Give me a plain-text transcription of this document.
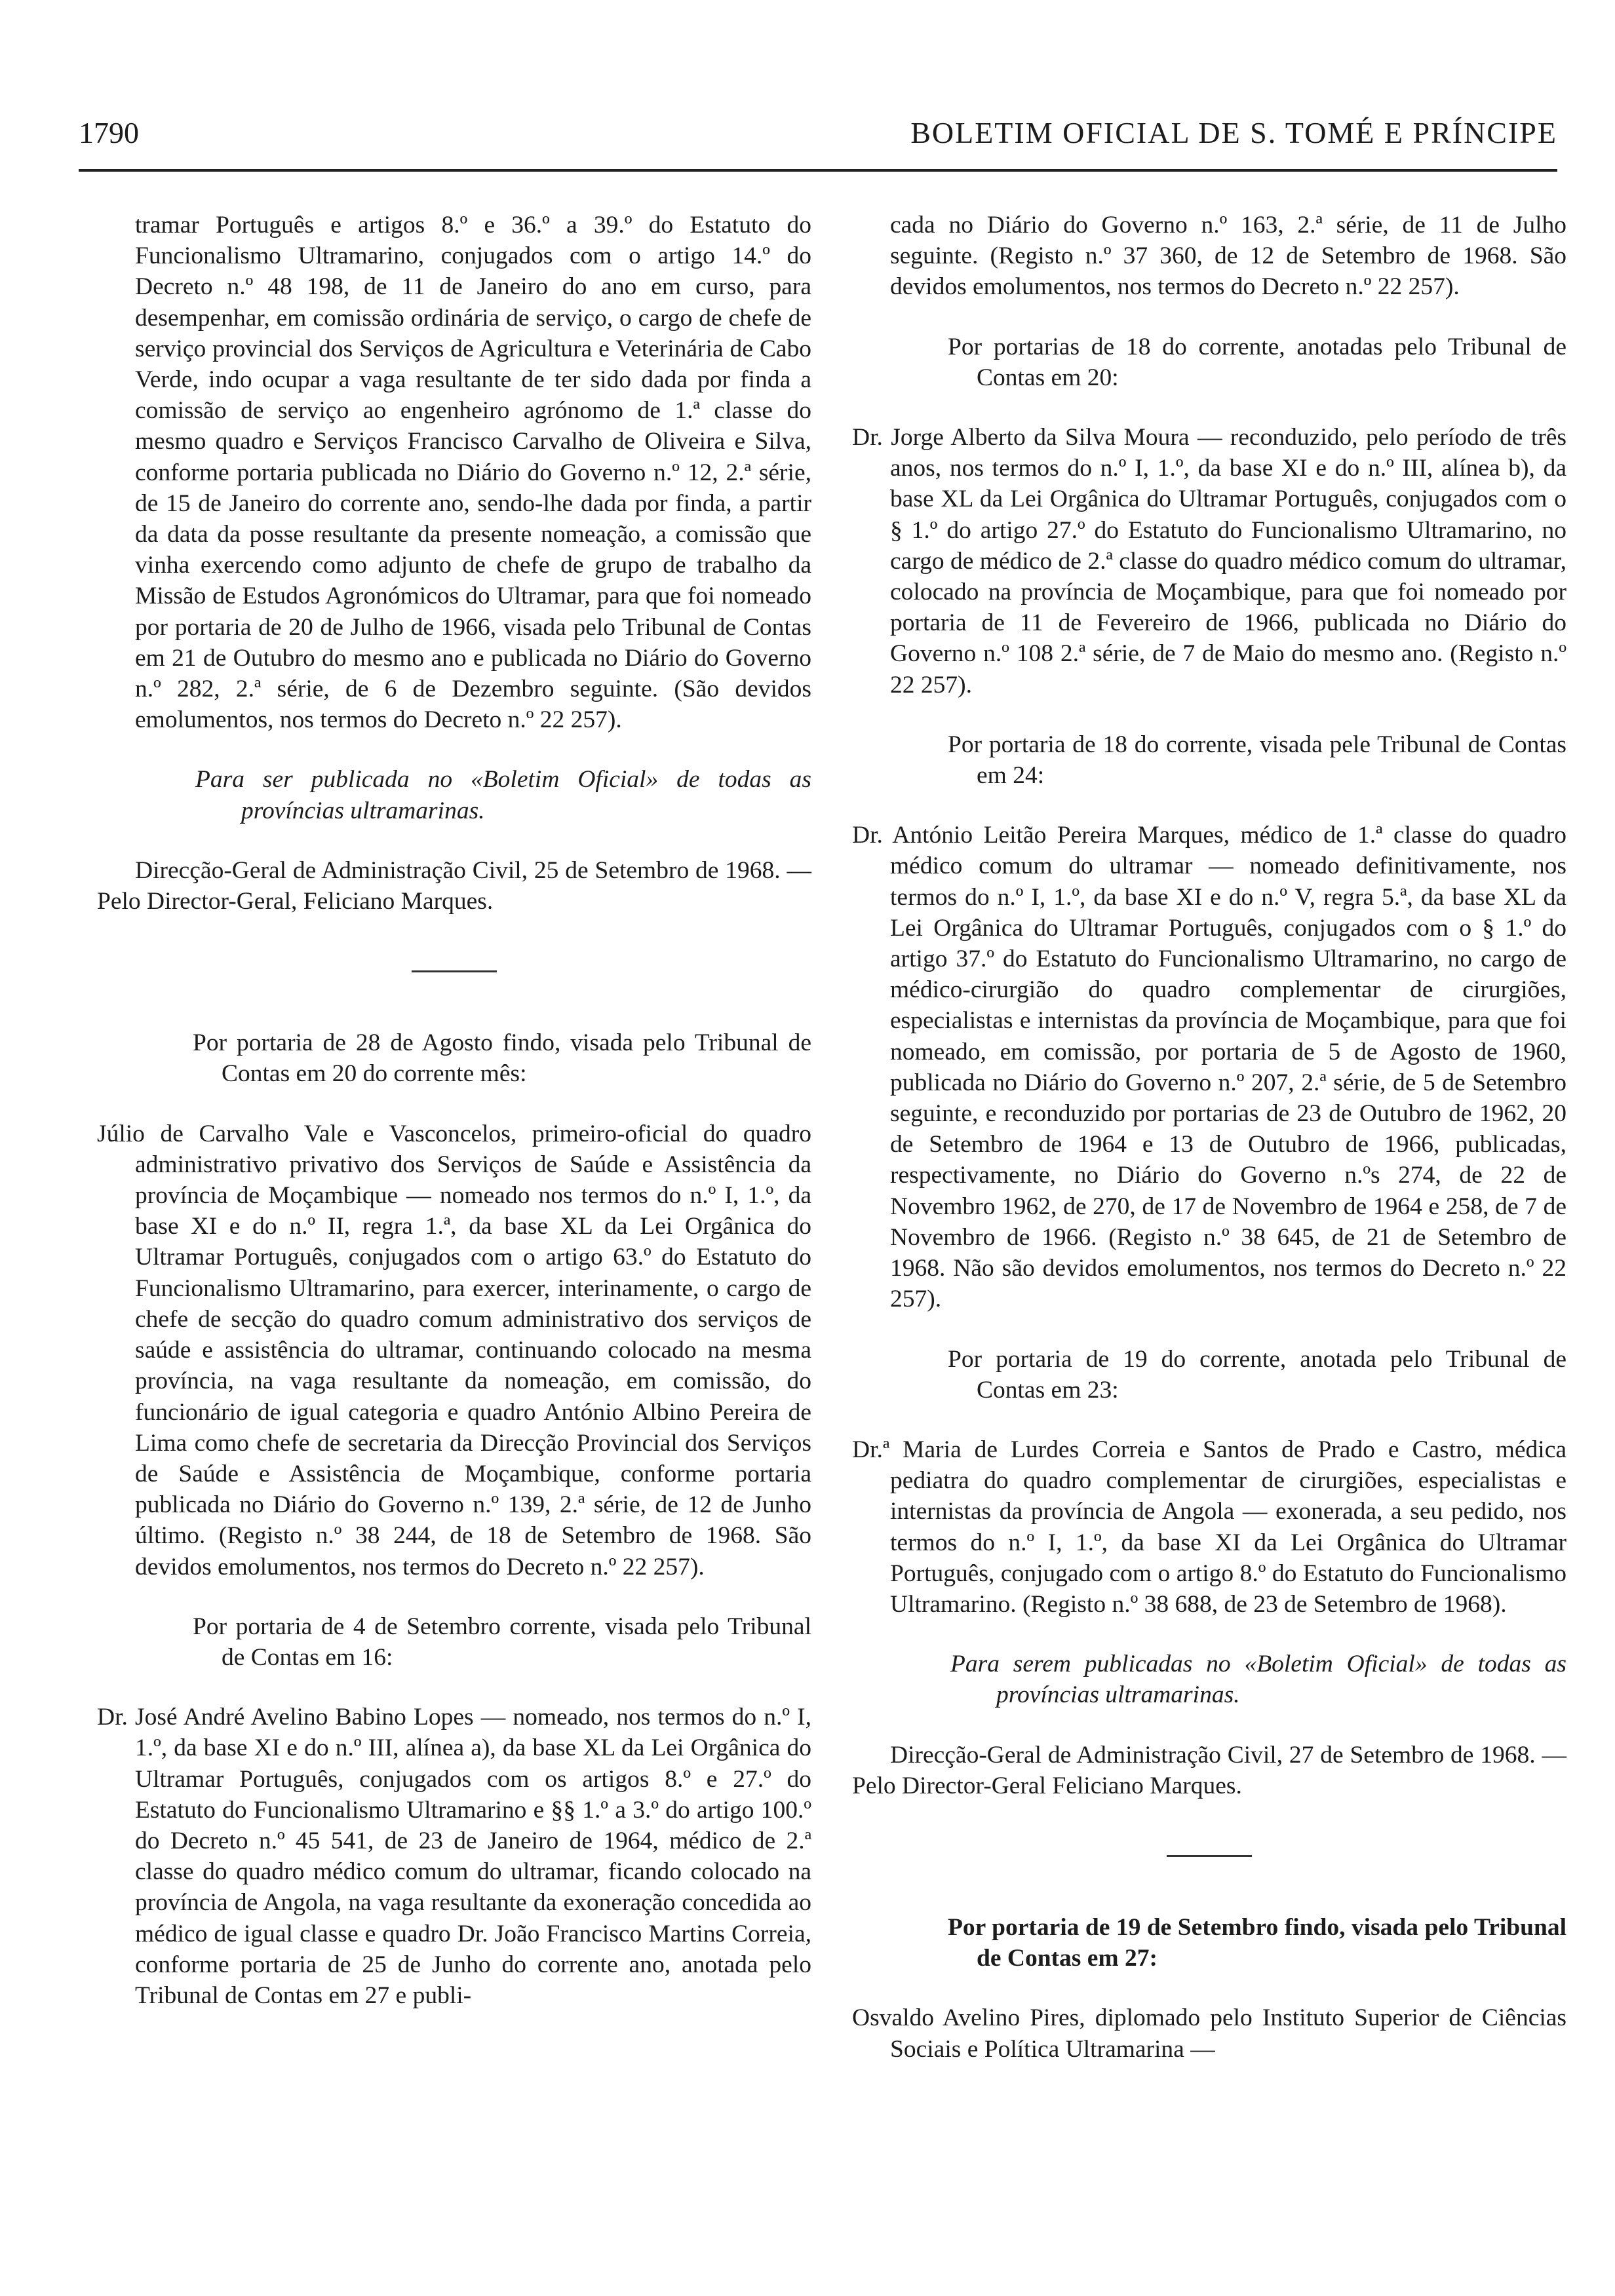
1790	BOLETIM OFICIAL DE S. TOMÉ E PRÍNCIPE

tramar Português e artigos 8.º e 36.º a 39.º do Estatuto do Funcionalismo Ultramarino, conjugados com o artigo 14.º do Decreto n.º 48 198, de 11 de Janeiro do ano em curso, para desempenhar, em comissão ordinária de serviço, o cargo de chefe de serviço provincial dos Serviços de Agricultura e Veterinária de Cabo Verde, indo ocupar a vaga resultante de ter sido dada por finda a comissão de serviço ao engenheiro agrónomo de 1.ª classe do mesmo quadro e Serviços Francisco Carvalho de Oliveira e Silva, conforme portaria publicada no Diário do Governo n.º 12, 2.ª série, de 15 de Janeiro do corrente ano, sendo-lhe dada por finda, a partir da data da posse resultante da presente nomeação, a comissão que vinha exercendo como adjunto de chefe de grupo de trabalho da Missão de Estudos Agronómicos do Ultramar, para que foi nomeado por portaria de 20 de Julho de 1966, visada pelo Tribunal de Contas em 21 de Outubro do mesmo ano e publicada no Diário do Governo n.º 282, 2.ª série, de 6 de Dezembro seguinte. (São devidos emolumentos, nos termos do Decreto n.º 22 257).

Para ser publicada no «Boletim Oficial» de todas as províncias ultramarinas.

Direcção-Geral de Administração Civil, 25 de Setembro de 1968. — Pelo Director-Geral, Feliciano Marques.

Por portaria de 28 de Agosto findo, visada pelo Tribunal de Contas em 20 do corrente mês:

Júlio de Carvalho Vale e Vasconcelos, primeiro-oficial do quadro administrativo privativo dos Serviços de Saúde e Assistência da província de Moçambique — nomeado nos termos do n.º I, 1.º, da base XI e do n.º II, regra 1.ª, da base XL da Lei Orgânica do Ultramar Português, conjugados com o artigo 63.º do Estatuto do Funcionalismo Ultramarino, para exercer, interinamente, o cargo de chefe de secção do quadro comum administrativo dos serviços de saúde e assistência do ultramar, continuando colocado na mesma província, na vaga resultante da nomeação, em comissão, do funcionário de igual categoria e quadro António Albino Pereira de Lima como chefe de secretaria da Direcção Provincial dos Serviços de Saúde e Assistência de Moçambique, conforme portaria publicada no Diário do Governo n.º 139, 2.ª série, de 12 de Junho último. (Registo n.º 38 244, de 18 de Setembro de 1968. São devidos emolumentos, nos termos do Decreto n.º 22 257).

Por portaria de 4 de Setembro corrente, visada pelo Tribunal de Contas em 16:

Dr. José André Avelino Babino Lopes — nomeado, nos termos do n.º I, 1.º, da base XI e do n.º III, alínea a), da base XL da Lei Orgânica do Ultramar Português, conjugados com os artigos 8.º e 27.º do Estatuto do Funcionalismo Ultramarino e §§ 1.º a 3.º do artigo 100.º do Decreto n.º 45 541, de 23 de Janeiro de 1964, médico de 2.ª classe do quadro médico comum do ultramar, ficando colocado na província de Angola, na vaga resultante da exoneração concedida ao médico de igual classe e quadro Dr. João Francisco Martins Correia, conforme portaria de 25 de Junho do corrente ano, anotada pelo Tribunal de Contas em 27 e publi-

cada no Diário do Governo n.º 163, 2.ª série, de 11 de Julho seguinte. (Registo n.º 37 360, de 12 de Setembro de 1968. São devidos emolumentos, nos termos do Decreto n.º 22 257).

Por portarias de 18 do corrente, anotadas pelo Tribunal de Contas em 20:

Dr. Jorge Alberto da Silva Moura — reconduzido, pelo período de três anos, nos termos do n.º I, 1.º, da base XI e do n.º III, alínea b), da base XL da Lei Orgânica do Ultramar Português, conjugados com o § 1.º do artigo 27.º do Estatuto do Funcionalismo Ultramarino, no cargo de médico de 2.ª classe do quadro médico comum do ultramar, colocado na província de Moçambique, para que foi nomeado por portaria de 11 de Fevereiro de 1966, publicada no Diário do Governo n.º 108 2.ª série, de 7 de Maio do mesmo ano. (Registo n.º 22 257).

Por portaria de 18 do corrente, visada pele Tribunal de Contas em 24:

Dr. António Leitão Pereira Marques, médico de 1.ª classe do quadro médico comum do ultramar — nomeado definitivamente, nos termos do n.º I, 1.º, da base XI e do n.º V, regra 5.ª, da base XL da Lei Orgânica do Ultramar Português, conjugados com o § 1.º do artigo 37.º do Estatuto do Funcionalismo Ultramarino, no cargo de médico-cirurgião do quadro complementar de cirurgiões, especialistas e internistas da província de Moçambique, para que foi nomeado, em comissão, por portaria de 5 de Agosto de 1960, publicada no Diário do Governo n.º 207, 2.ª série, de 5 de Setembro seguinte, e reconduzido por portarias de 23 de Outubro de 1962, 20 de Setembro de 1964 e 13 de Outubro de 1966, publicadas, respectivamente, no Diário do Governo n.ºs 274, de 22 de Novembro 1962, de 270, de 17 de Novembro de 1964 e 258, de 7 de Novembro de 1966. (Registo n.º 38 645, de 21 de Setembro de 1968. Não são devidos emolumentos, nos termos do Decreto n.º 22 257).

Por portaria de 19 do corrente, anotada pelo Tribunal de Contas em 23:

Dr.ª Maria de Lurdes Correia e Santos de Prado e Castro, médica pediatra do quadro complementar de cirurgiões, especialistas e internistas da província de Angola — exonerada, a seu pedido, nos termos do n.º I, 1.º, da base XI da Lei Orgânica do Ultramar Português, conjugado com o artigo 8.º do Estatuto do Funcionalismo Ultramarino. (Registo n.º 38 688, de 23 de Setembro de 1968).

Para serem publicadas no «Boletim Oficial» de todas as províncias ultramarinas.

Direcção-Geral de Administração Civil, 27 de Setembro de 1968. — Pelo Director-Geral Feliciano Marques.

Por portaria de 19 de Setembro findo, visada pelo Tribunal de Contas em 27:

Osvaldo Avelino Pires, diplomado pelo Instituto Superior de Ciências Sociais e Política Ultramarina —
